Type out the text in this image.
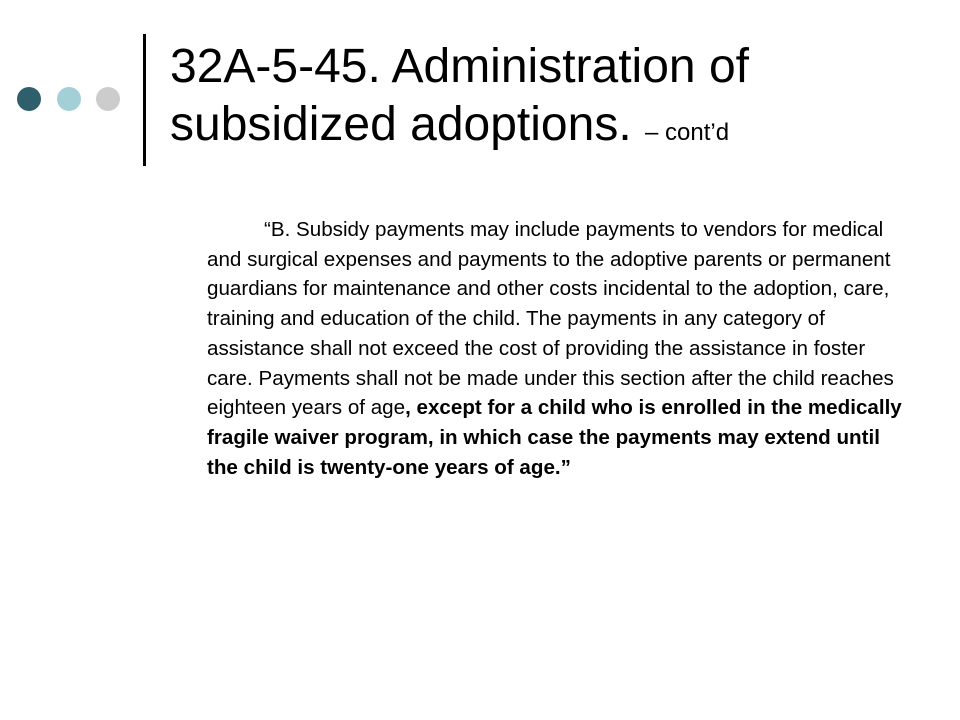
32A-5-45. Administration of subsidized adoptions. – cont’d

“B. Subsidy payments may include payments to vendors for medical and surgical expenses and payments to the adoptive parents or permanent guardians for maintenance and other costs incidental to the adoption, care, training and education of the child. The payments in any category of assistance shall not exceed the cost of providing the assistance in foster care. Payments shall not be made under this section after the child reaches eighteen years of age, except for a child who is enrolled in the medically fragile waiver program, in which case the payments may extend until the child is twenty-one years of age.”
